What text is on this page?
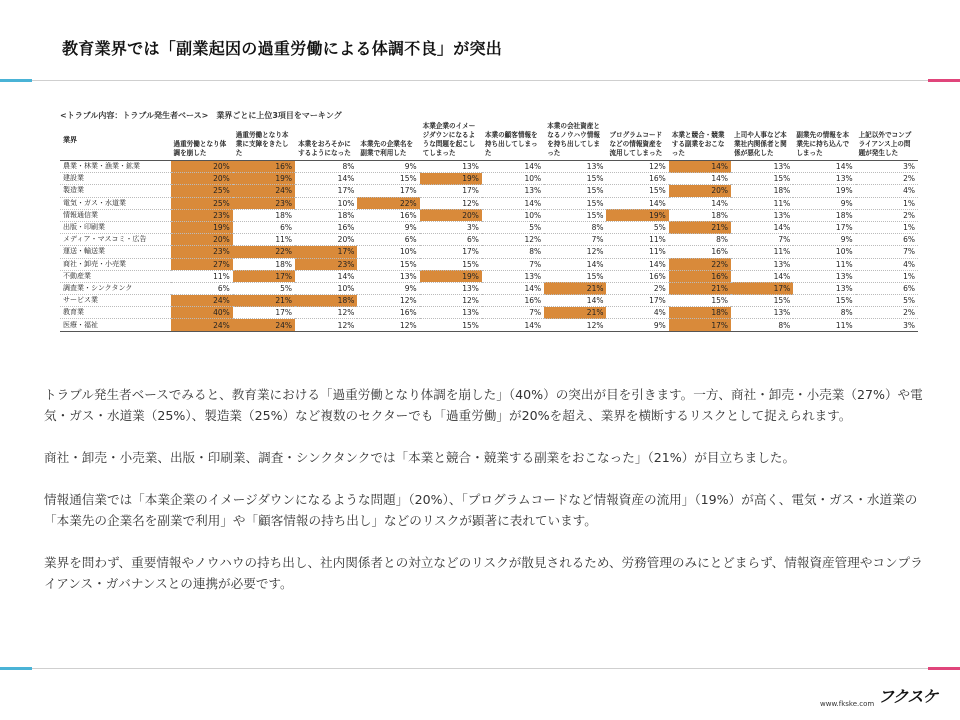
教育業界では「副業起因の過重労働による体調不良」が突出
<トラブル内容：トラブル発生者ベース>　業界ごとに上位3項目をマーキング
業界	過重労働となり体調を崩した	過重労働となり本業に支障をきたした	本業をおろそかにするようになった	本業先の企業名を副業で利用した	本業企業のイメージダウンになるような問題を起こしてしまった	本業の顧客情報を持ち出してしまった	本業の会社資産となるノウハウ情報を持ち出してしまった	プログラムコードなどの情報資産を流用してしまった	本業と競合・競業する副業をおこなった	上司や人事など本業社内関係者と関係が悪化した	副業先の情報を本業先に持ち込んでしまった	上記以外でコンプライアンス上の問題が発生した
農業・林業・漁業・鉱業	20%	16%	8%	9%	13%	14%	13%	12%	14%	13%	14%	3%
建設業	20%	19%	14%	15%	19%	10%	15%	16%	14%	15%	13%	2%
製造業	25%	24%	17%	17%	17%	13%	15%	15%	20%	18%	19%	4%
電気・ガス・水道業	25%	23%	10%	22%	12%	14%	15%	14%	14%	11%	9%	1%
情報通信業	23%	18%	18%	16%	20%	10%	15%	19%	18%	13%	18%	2%
出版・印刷業	19%	6%	16%	9%	3%	5%	8%	5%	21%	14%	17%	1%
メディア・マスコミ・広告	20%	11%	20%	6%	6%	12%	7%	11%	8%	7%	9%	6%
運送・輸送業	23%	22%	17%	10%	17%	8%	12%	11%	16%	11%	10%	7%
商社・卸売・小売業	27%	18%	23%	15%	15%	7%	14%	14%	22%	13%	11%	4%
不動産業	11%	17%	14%	13%	19%	13%	15%	16%	16%	14%	13%	1%
調査業・シンクタンク	6%	5%	10%	9%	13%	14%	21%	2%	21%	17%	13%	6%
サービス業	24%	21%	18%	12%	12%	16%	14%	17%	15%	15%	15%	5%
教育業	40%	17%	12%	16%	13%	7%	21%	4%	18%	13%	8%	2%
医療・福祉	24%	24%	12%	12%	15%	14%	12%	9%	17%	8%	11%	3%

トラブル発生者ベースでみると、教育業における「過重労働となり体調を崩した」（40%）の突出が目を引きます。一方、商社・卸売・小売業（27%）や電気・ガス・水道業（25%）、製造業（25%）など複数のセクターでも「過重労働」が20%を超え、業界を横断するリスクとして捉えられます。

商社・卸売・小売業、出版・印刷業、調査・シンクタンクでは「本業と競合・競業する副業をおこなった」（21%）が目立ちました。

情報通信業では「本業企業のイメージダウンになるような問題」（20%）、「プログラムコードなど情報資産の流用」（19%）が高く、電気・ガス・水道業の「本業先の企業名を副業で利用」や「顧客情報の持ち出し」などのリスクが顕著に表れています。

業界を問わず、重要情報やノウハウの持ち出し、社内関係者との対立などのリスクが散見されるため、労務管理のみにとどまらず、情報資産管理やコンプライアンス・ガバナンスとの連携が必要です。

www.fkske.com フクスケ
